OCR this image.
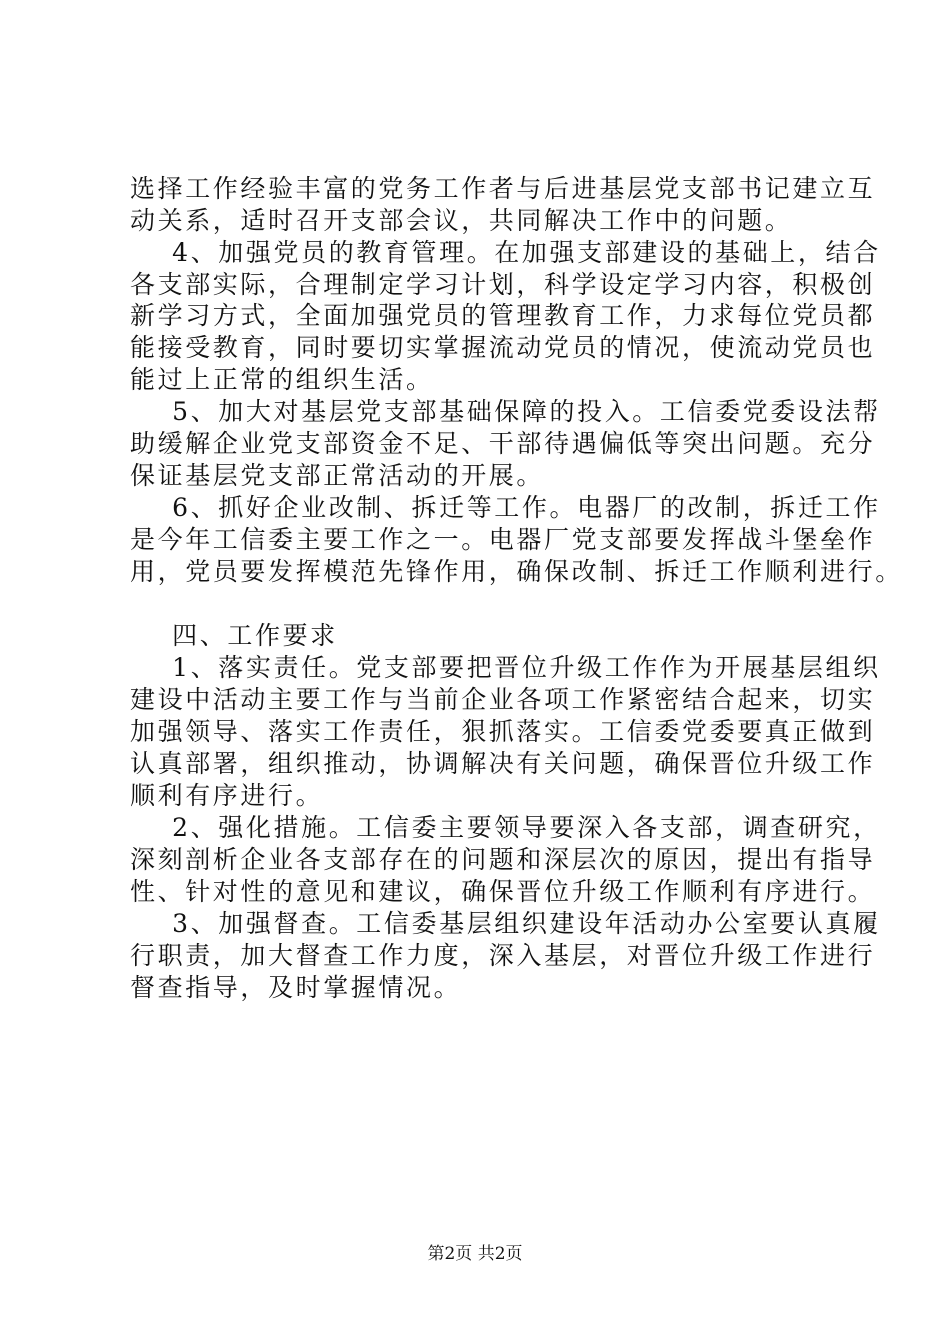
选择工作经验丰富的党务工作者与后进基层党支部书记建立互
动关系，适时召开支部会议，共同解决工作中的问题。
4、加强党员的教育管理。在加强支部建设的基础上，结合
各支部实际，合理制定学习计划，科学设定学习内容，积极创
新学习方式，全面加强党员的管理教育工作，力求每位党员都
能接受教育，同时要切实掌握流动党员的情况，使流动党员也
能过上正常的组织生活。
5、加大对基层党支部基础保障的投入。工信委党委设法帮
助缓解企业党支部资金不足、干部待遇偏低等突出问题。充分
保证基层党支部正常活动的开展。
6、抓好企业改制、拆迁等工作。电器厂的改制，拆迁工作
是今年工信委主要工作之一。电器厂党支部要发挥战斗堡垒作
用，党员要发挥模范先锋作用，确保改制、拆迁工作顺利进行。
四、工作要求
1、落实责任。党支部要把晋位升级工作作为开展基层组织
建设中活动主要工作与当前企业各项工作紧密结合起来，切实
加强领导、落实工作责任，狠抓落实。工信委党委要真正做到
认真部署，组织推动，协调解决有关问题，确保晋位升级工作
顺利有序进行。
2、强化措施。工信委主要领导要深入各支部，调查研究，
深刻剖析企业各支部存在的问题和深层次的原因，提出有指导
性、针对性的意见和建议，确保晋位升级工作顺利有序进行。
3、加强督查。工信委基层组织建设年活动办公室要认真履
行职责，加大督查工作力度，深入基层，对晋位升级工作进行
督查指导，及时掌握情况。
第2页 共2页
